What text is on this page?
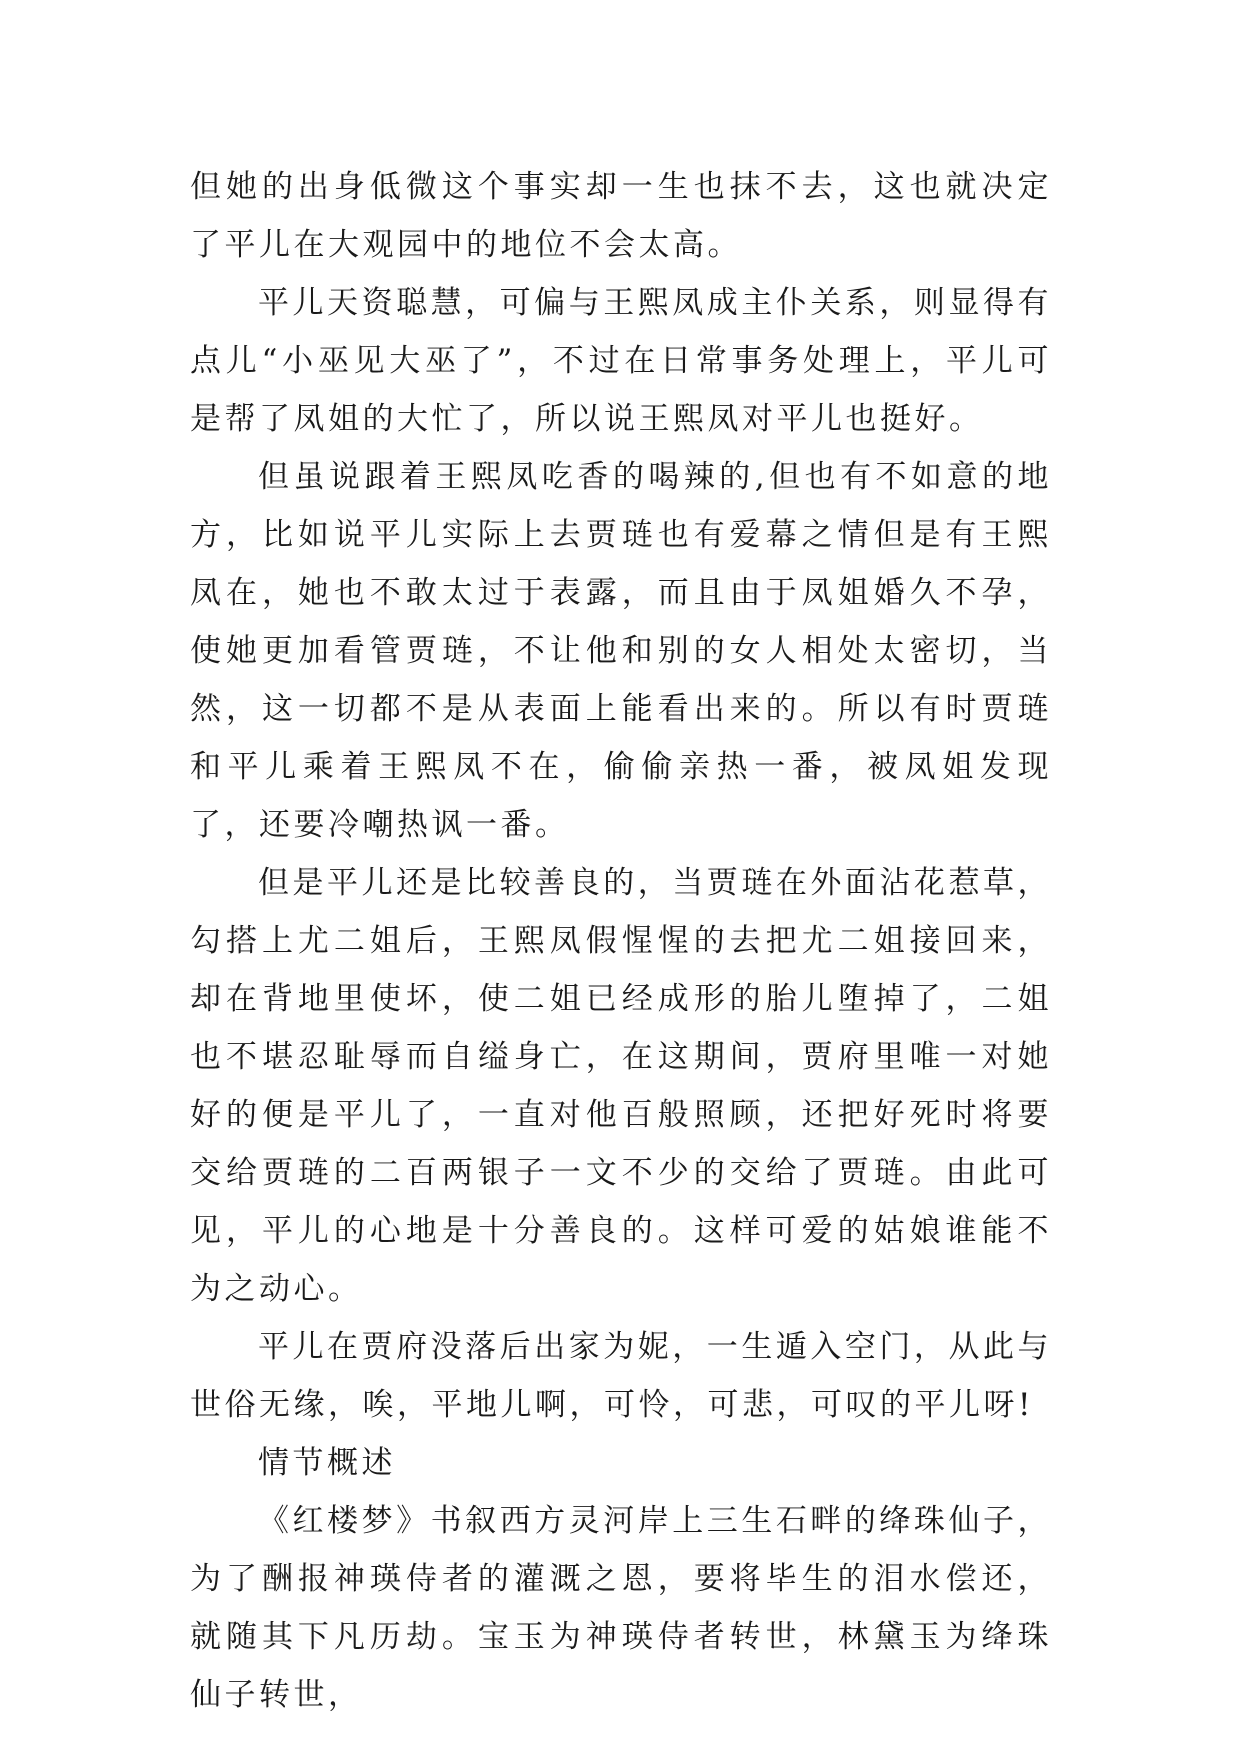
但她的出身低微这个事实却一生也抹不去，这也就决定了平儿在大观园中的地位不会太高。

平儿天资聪慧，可偏与王熙凤成主仆关系，则显得有点儿“小巫见大巫了”，不过在日常事务处理上，平儿可是帮了凤姐的大忙了，所以说王熙凤对平儿也挺好。

但虽说跟着王熙凤吃香的喝辣的,但也有不如意的地方，比如说平儿实际上去贾琏也有爱幕之情但是有王熙凤在，她也不敢太过于表露，而且由于凤姐婚久不孕，使她更加看管贾琏，不让他和别的女人相处太密切，当然，这一切都不是从表面上能看出来的。所以有时贾琏和平儿乘着王熙凤不在，偷偷亲热一番，被凤姐发现了，还要冷嘲热讽一番。

但是平儿还是比较善良的，当贾琏在外面沾花惹草，勾搭上尤二姐后，王熙凤假惺惺的去把尤二姐接回来，却在背地里使坏，使二姐已经成形的胎儿堕掉了，二姐也不堪忍耻辱而自缢身亡，在这期间，贾府里唯一对她好的便是平儿了，一直对他百般照顾，还把好死时将要交给贾琏的二百两银子一文不少的交给了贾琏。由此可见，平儿的心地是十分善良的。这样可爱的姑娘谁能不为之动心。

平儿在贾府没落后出家为妮，一生遁入空门，从此与世俗无缘，唉，平地儿啊，可怜，可悲，可叹的平儿呀!

情节概述

《红楼梦》书叙西方灵河岸上三生石畔的绛珠仙子，为了酬报神瑛侍者的灌溉之恩，要将毕生的泪水偿还，就随其下凡历劫。宝玉为神瑛侍者转世，林黛玉为绛珠仙子转世，
